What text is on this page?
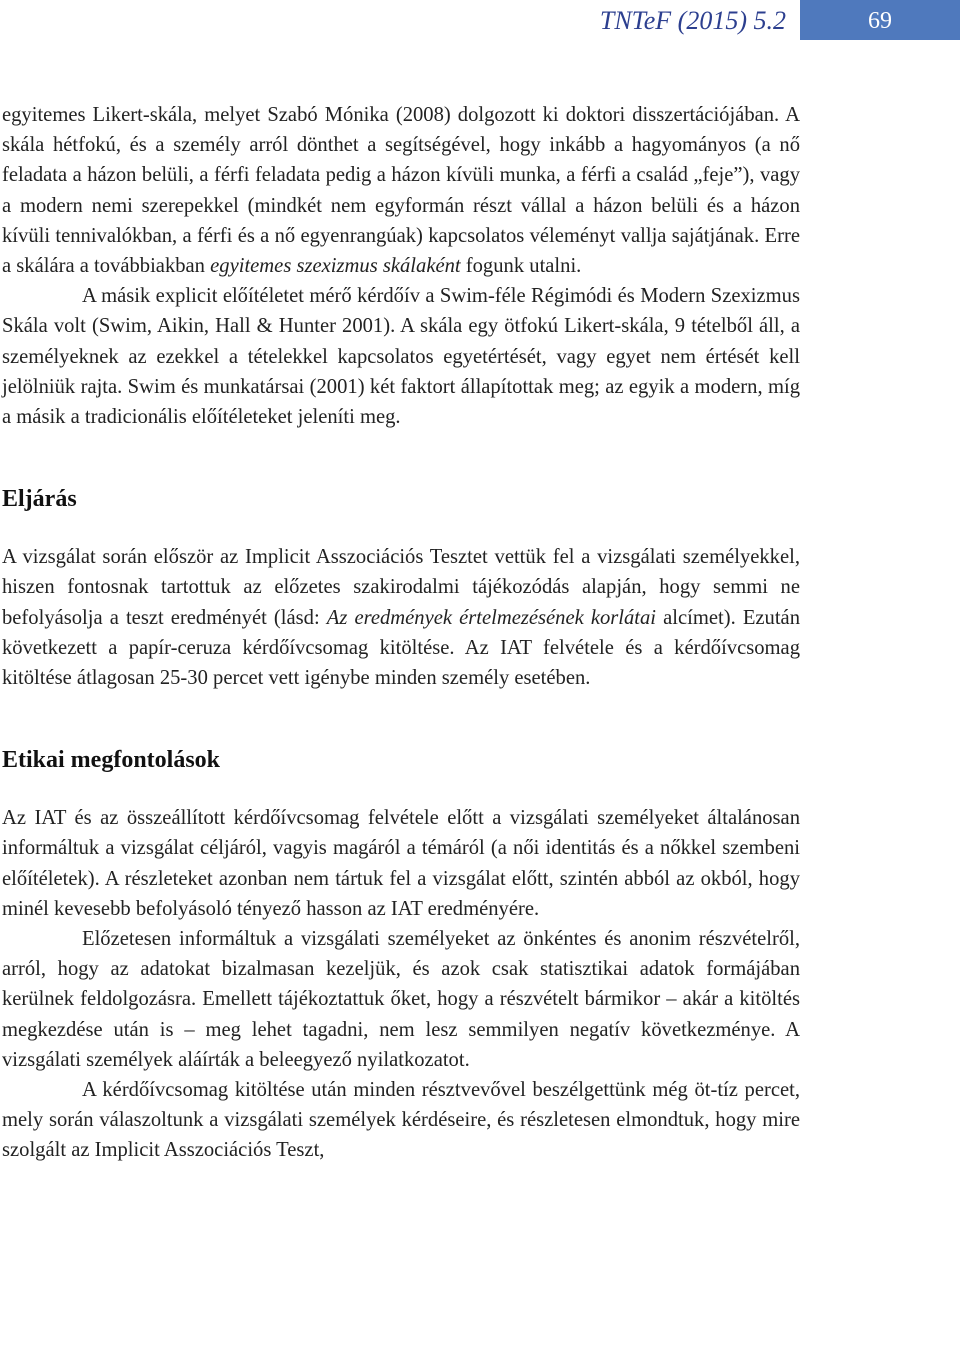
TNTeF (2015) 5.2	69

egyitemes Likert-skála, melyet Szabó Mónika (2008) dolgozott ki doktori disszertációjában. A skála hétfokú, és a személy arról dönthet a segítségével, hogy inkább a hagyományos (a nő feladata a házon belüli, a férfi feladata pedig a házon kívüli munka, a férfi a család „feje”), vagy a modern nemi szerepekkel (mindkét nem egyformán részt vállal a házon belüli és a házon kívüli tennivalókban, a férfi és a nő egyenrangúak) kapcsolatos véleményt vallja sajátjának. Erre a skálára a továbbiakban egyitemes szexizmus skálaként fogunk utalni.

A másik explicit előítéletet mérő kérdőív a Swim-féle Régimódi és Modern Szexizmus Skála volt (Swim, Aikin, Hall & Hunter 2001). A skála egy ötfokú Likert-skála, 9 tételből áll, a személyeknek az ezekkel a tételekkel kapcsolatos egyetértését, vagy egyet nem értését kell jelölniük rajta. Swim és munkatársai (2001) két faktort állapítottak meg; az egyik a modern, míg a másik a tradicionális előítéleteket jeleníti meg.

Eljárás

A vizsgálat során először az Implicit Asszociációs Tesztet vettük fel a vizsgálati személyekkel, hiszen fontosnak tartottuk az előzetes szakirodalmi tájékozódás alapján, hogy semmi ne befolyásolja a teszt eredményét (lásd: Az eredmények értelmezésének korlátai alcímet). Ezután következett a papír-ceruza kérdőívcsomag kitöltése. Az IAT felvétele és a kérdőívcsomag kitöltése átlagosan 25-30 percet vett igénybe minden személy esetében.

Etikai megfontolások

Az IAT és az összeállított kérdőívcsomag felvétele előtt a vizsgálati személyeket általánosan informáltuk a vizsgálat céljáról, vagyis magáról a témáról (a női identitás és a nőkkel szembeni előítéletek). A részleteket azonban nem tártuk fel a vizsgálat előtt, szintén abból az okból, hogy minél kevesebb befolyásoló tényező hasson az IAT eredményére.

Előzetesen informáltuk a vizsgálati személyeket az önkéntes és anonim részvételről, arról, hogy az adatokat bizalmasan kezeljük, és azok csak statisztikai adatok formájában kerülnek feldolgozásra. Emellett tájékoztattuk őket, hogy a részvételt bármikor – akár a kitöltés megkezdése után is – meg lehet tagadni, nem lesz semmilyen negatív következménye. A vizsgálati személyek aláírták a beleegyező nyilatkozatot.

A kérdőívcsomag kitöltése után minden résztvevővel beszélgettünk még öt-tíz percet, mely során válaszoltunk a vizsgálati személyek kérdéseire, és részletesen elmondtuk, hogy mire szolgált az Implicit Asszociációs Teszt,
